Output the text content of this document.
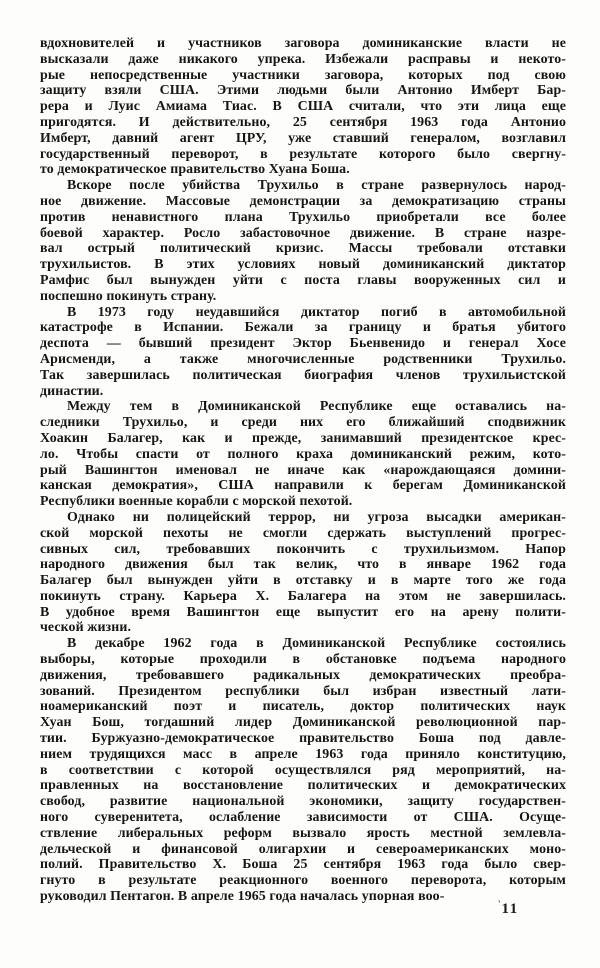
вдохновителей и участников заговора доминиканские власти не
высказали даже никакого упрека. Избежали расправы и некото-
рые непосредственные участники заговора, которых под свою
защиту взяли США. Этими людьми были Антонио Имберт Бар-
рера и Луис Амиама Тиас. В США считали, что эти лица еще
пригодятся. И действительно, 25 сентября 1963 года Антонио
Имберт, давний агент ЦРУ, уже ставший генералом, возглавил
государственный переворот, в результате которого было свергну-
то демократическое правительство Хуана Боша.
Вскоре после убийства Трухильо в стране развернулось народ-
ное движение. Массовые демонстрации за демократизацию страны
против ненавистного плана Трухильо приобретали все более
боевой характер. Росло забастовочное движение. В стране назре-
вал острый политический кризис. Массы требовали отставки
трухильистов. В этих условиях новый доминиканский диктатор
Рамфис был вынужден уйти с поста главы вооруженных сил и
поспешно покинуть страну.
В 1973 году неудавшийся диктатор погиб в автомобильной
катастрофе в Испании. Бежали за границу и братья убитого
деспота — бывший президент Эктор Бьенвенидо и генерал Хосе
Арисменди, а также многочисленные родственники Трухильо.
Так завершилась политическая биография членов трухильистской
династии.
Между тем в Доминиканской Республике еще оставались на-
следники Трухильо, и среди них его ближайший сподвижник
Хоакин Балагер, как и прежде, занимавший президентское крес-
ло. Чтобы спасти от полного краха доминиканский режим, кото-
рый Вашингтон именовал не иначе как «нарождающаяся домини-
канская демократия», США направили к берегам Доминиканской
Республики военные корабли с морской пехотой.
Однако ни полицейский террор, ни угроза высадки американ-
ской морской пехоты не смогли сдержать выступлений прогрес-
сивных сил, требовавших покончить с трухильизмом. Напор
народного движения был так велик, что в январе 1962 года
Балагер был вынужден уйти в отставку и в марте того же года
покинуть страну. Карьера Х. Балагера на этом не завершилась.
В удобное время Вашингтон еще выпустит его на арену полити-
ческой жизни.
В декабре 1962 года в Доминиканской Республике состоялись
выборы, которые проходили в обстановке подъема народного
движения, требовавшего радикальных демократических преобра-
зований. Президентом республики был избран известный лати-
ноамериканский поэт и писатель, доктор политических наук
Хуан Бош, тогдашний лидер Доминиканской революционной пар-
тии. Буржуазно-демократическое правительство Боша под давле-
нием трудящихся масс в апреле 1963 года приняло конституцию,
в соответствии с которой осуществлялся ряд мероприятий, на-
правленных на восстановление политических и демократических
свобод, развитие национальной экономики, защиту государствен-
ного суверенитета, ослабление зависимости от США. Осуще-
ствление либеральных реформ вызвало ярость местной землевла-
дельческой и финансовой олигархии и североамериканских моно-
полий. Правительство Х. Боша 25 сентября 1963 года было свер-
гнуто в результате реакционного военного переворота, которым
руководил Пентагон. В апреле 1965 года началась упорная воо-	'11
